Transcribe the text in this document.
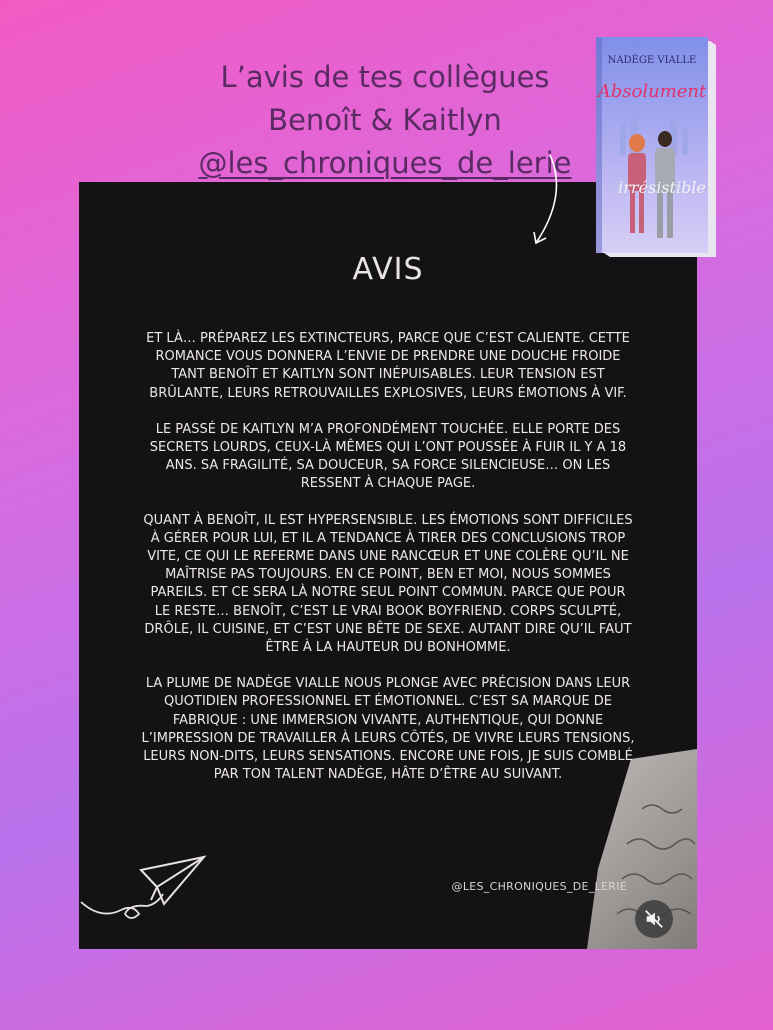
L’avis de tes collègues
Benoît & Kaitlyn
@les_chroniques_de_lerie
AVIS

ET LÀ… PRÉPAREZ LES EXTINCTEURS, PARCE QUE C’EST CALIENTE. CETTE ROMANCE VOUS DONNERA L’ENVIE DE PRENDRE UNE DOUCHE FROIDE TANT BENOÎT ET KAITLYN SONT INÉPUISABLES. LEUR TENSION EST BRÛLANTE, LEURS RETROUVAILLES EXPLOSIVES, LEURS ÉMOTIONS À VIF.

LE PASSÉ DE KAITLYN M’A PROFONDÉMENT TOUCHÉE. ELLE PORTE DES SECRETS LOURDS, CEUX-LÀ MÊMES QUI L’ONT POUSSÉE À FUIR IL Y A 18 ANS. SA FRAGILITÉ, SA DOUCEUR, SA FORCE SILENCIEUSE… ON LES RESSENT À CHAQUE PAGE.

QUANT À BENOÎT, IL EST HYPERSENSIBLE. LES ÉMOTIONS SONT DIFFICILES À GÉRER POUR LUI, ET IL A TENDANCE À TIRER DES CONCLUSIONS TROP VITE, CE QUI LE REFERME DANS UNE RANCŒUR ET UNE COLÈRE QU’IL NE MAÎTRISE PAS TOUJOURS. EN CE POINT, BEN ET MOI, NOUS SOMMES PAREILS. ET CE SERA LÀ NOTRE SEUL POINT COMMUN. PARCE QUE POUR LE RESTE… BENOÎT, C’EST LE VRAI BOOK BOYFRIEND. CORPS SCULPTÉ, DRÔLE, IL CUISINE, ET C’EST UNE BÊTE DE SEXE. AUTANT DIRE QU’IL FAUT ÊTRE À LA HAUTEUR DU BONHOMME.

LA PLUME DE NADÈGE VIALLE NOUS PLONGE AVEC PRÉCISION DANS LEUR QUOTIDIEN PROFESSIONNEL ET ÉMOTIONNEL. C’EST SA MARQUE DE FABRIQUE : UNE IMMERSION VIVANTE, AUTHENTIQUE, QUI DONNE L’IMPRESSION DE TRAVAILLER À LEURS CÔTÉS, DE VIVRE LEURS TENSIONS, LEURS NON-DITS, LEURS SENSATIONS. ENCORE UNE FOIS, JE SUIS COMBLÉ PAR TON TALENT NADÈGE, HÂTE D’ÊTRE AU SUIVANT.

@LES_CHRONIQUES_DE_LERIE
NADÈGE VIALLE
Absolument
irrésistible
